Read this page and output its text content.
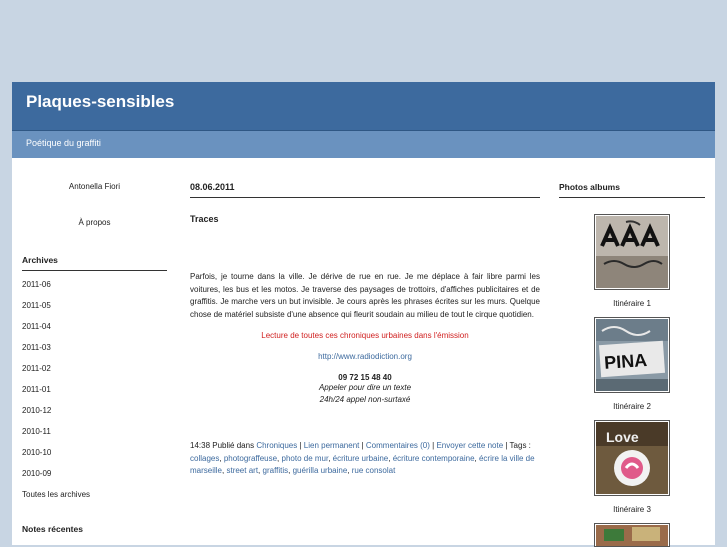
Plaques-sensibles

Poétique du graffiti

Antonella Fiori
À propos
Archives
2011-06
2011-05
2011-04
2011-03
2011-02
2011-01
2010-12
2010-11
2010-10
2010-09
Toutes les archives
Notes récentes
08.06.2011
Traces
Parfois, je tourne dans la ville. Je dérive de rue en rue. Je me déplace à fair libre parmi les voitures, les bus et les motos. Je traverse des paysages de trottoirs, d'affiches publicitaires et de graffitis. Je marche vers un but invisible. Je cours après les phrases écrites sur les murs. Quelque chose de matériel subsiste d'une absence qui fleurit soudain au milieu de tout le cirque quotidien.
Lecture de toutes ces chroniques urbaines dans l'émission
http://www.radiodiction.org
09 72 15 48 40
Appeler pour dire un texte
24h/24 appel non-surtaxé
14:38 Publié dans Chroniques | Lien permanent | Commentaires (0) | Envoyer cette note | Tags : collages, photograffeuse, photo de mur, écriture urbaine, écriture contemporaine, écrire la ville de marseille, street art, graffitis, guérilla urbaine, rue consolat
Photos albums
Itinéraire 1
PINA
Itinéraire 2
Love
Itinéraire 3
